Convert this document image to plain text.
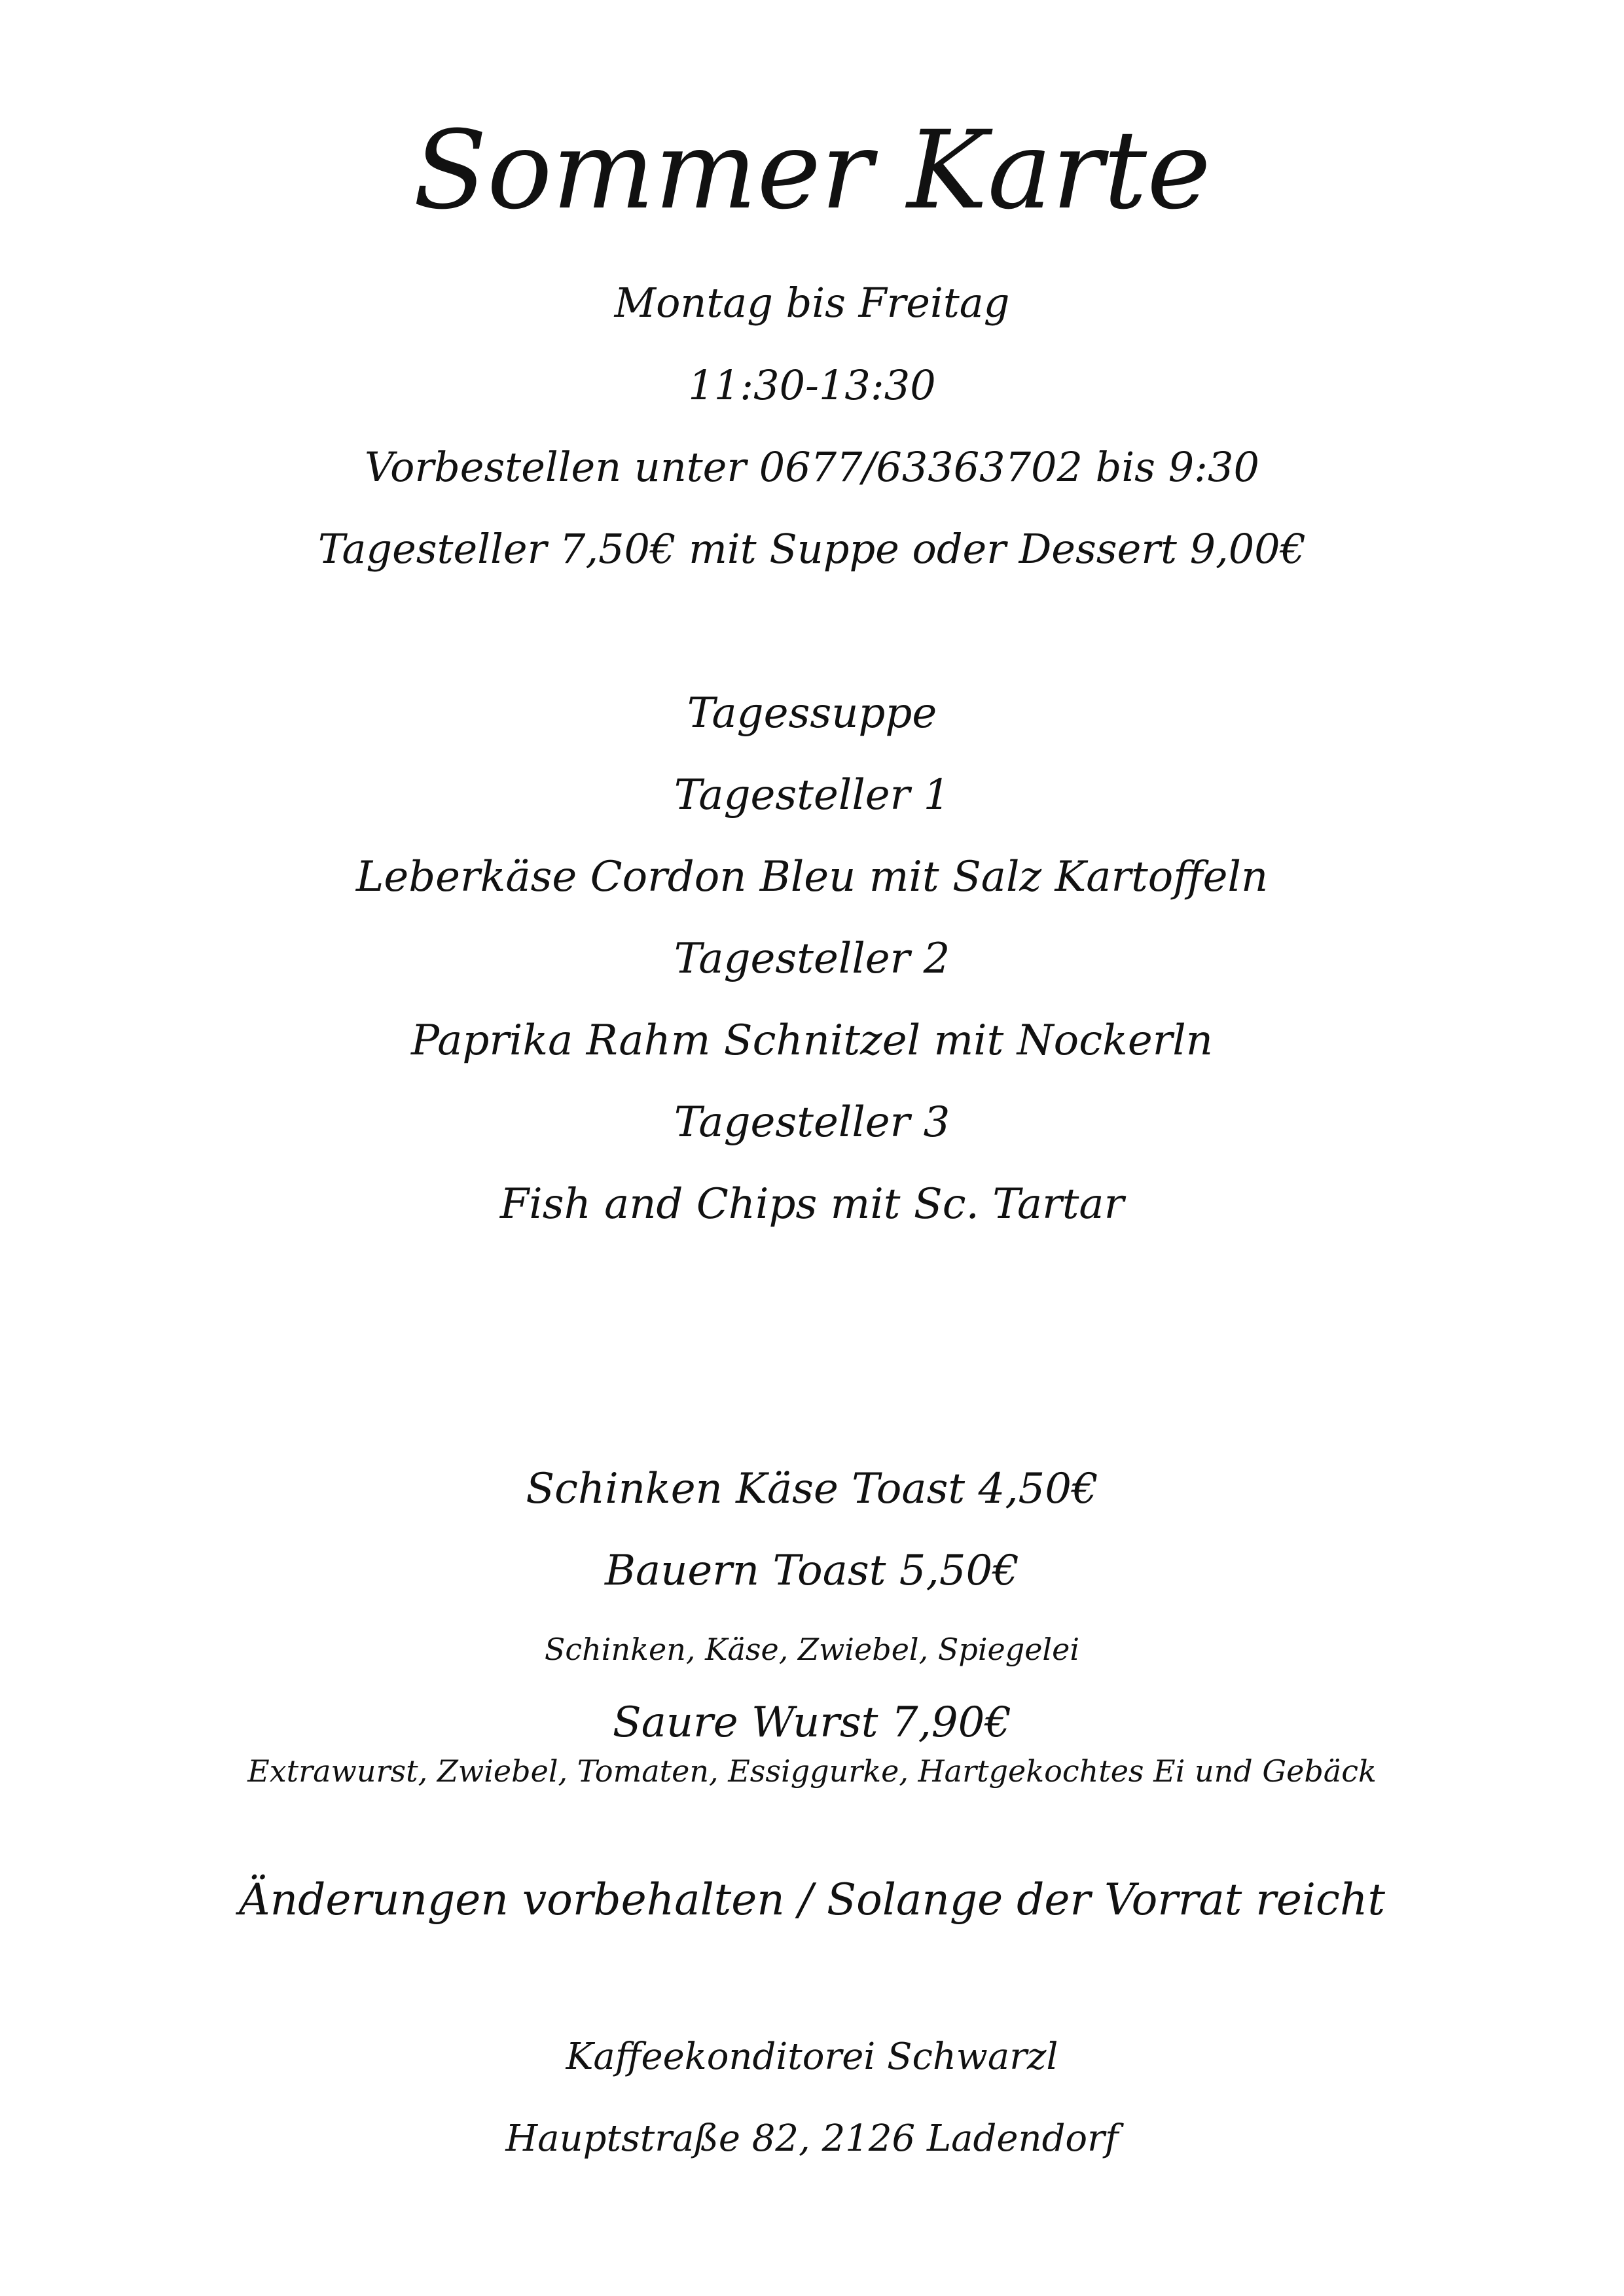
Sommer Karte
Montag bis Freitag
11:30-13:30
Vorbestellen unter 0677/63363702 bis 9:30
Tagesteller 7,50€ mit Suppe oder Dessert 9,00€
Tagessuppe
Tagesteller 1
Leberkäse Cordon Bleu mit Salz Kartoffeln
Tagesteller 2
Paprika Rahm Schnitzel mit Nockerln
Tagesteller 3
Fish and Chips mit Sc. Tartar
Schinken Käse Toast 4,50€
Bauern Toast 5,50€
Schinken, Käse, Zwiebel, Spiegelei
Saure Wurst 7,90€
Extrawurst, Zwiebel, Tomaten, Essiggurke, Hartgekochtes Ei und Gebäck
Änderungen vorbehalten / Solange der Vorrat reicht
Kaffeekonditorei Schwarzl
Hauptstraße 82, 2126 Ladendorf
